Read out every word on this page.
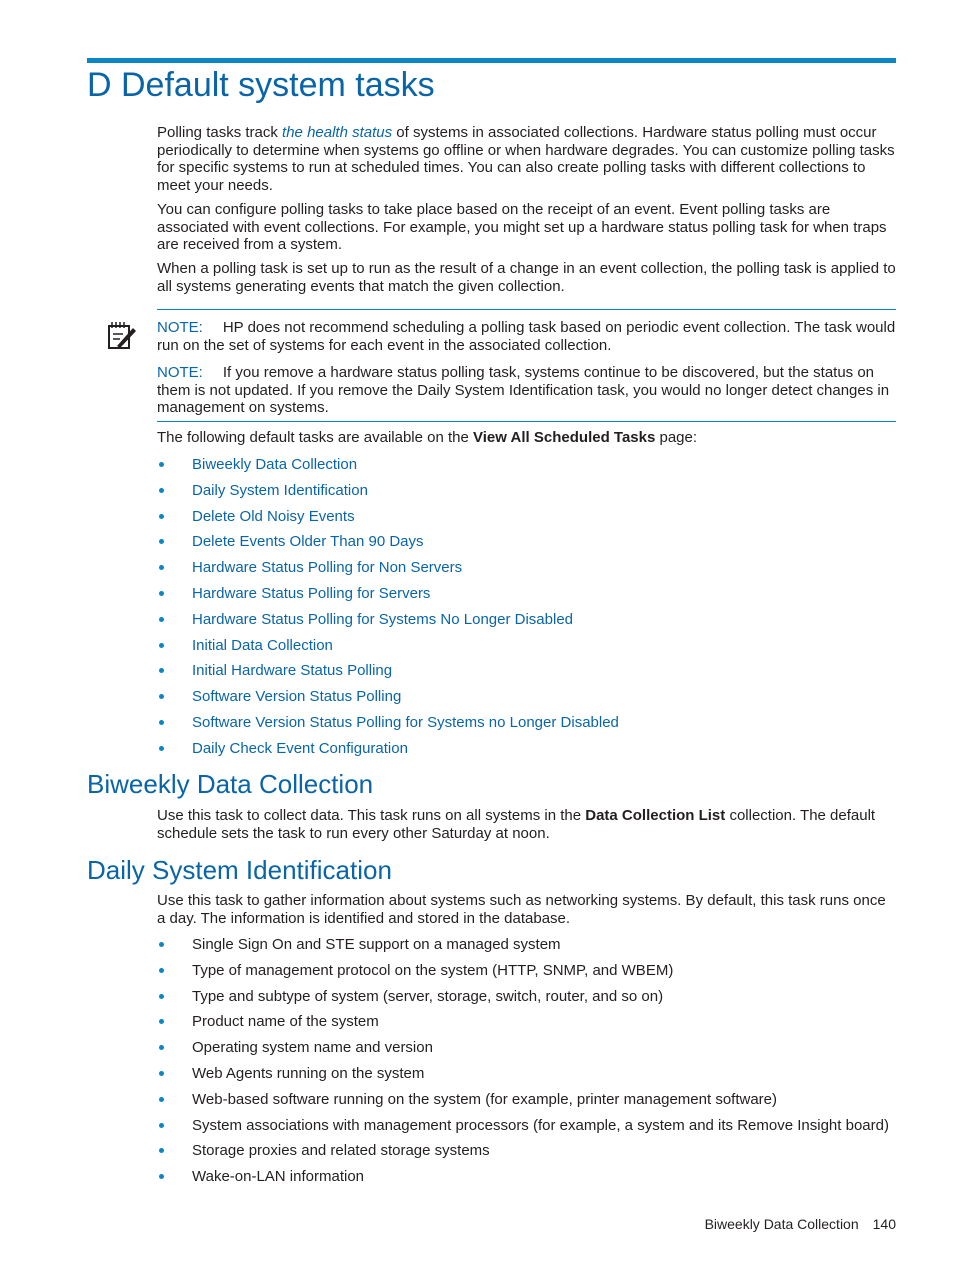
D Default system tasks

Polling tasks track the health status of systems in associated collections. Hardware status polling must occur periodically to determine when systems go offline or when hardware degrades. You can customize polling tasks for specific systems to run at scheduled times. You can also create polling tasks with different collections to meet your needs.

You can configure polling tasks to take place based on the receipt of an event. Event polling tasks are associated with event collections. For example, you might set up a hardware status polling task for when traps are received from a system.

When a polling task is set up to run as the result of a change in an event collection, the polling task is applied to all systems generating events that match the given collection.

NOTE: HP does not recommend scheduling a polling task based on periodic event collection. The task would run on the set of systems for each event in the associated collection.

NOTE: If you remove a hardware status polling task, systems continue to be discovered, but the status on them is not updated. If you remove the Daily System Identification task, you would no longer detect changes in management on systems.

The following default tasks are available on the View All Scheduled Tasks page:

Biweekly Data Collection
Daily System Identification
Delete Old Noisy Events
Delete Events Older Than 90 Days
Hardware Status Polling for Non Servers
Hardware Status Polling for Servers
Hardware Status Polling for Systems No Longer Disabled
Initial Data Collection
Initial Hardware Status Polling
Software Version Status Polling
Software Version Status Polling for Systems no Longer Disabled
Daily Check Event Configuration
Biweekly Data Collection

Use this task to collect data. This task runs on all systems in the Data Collection List collection. The default schedule sets the task to run every other Saturday at noon.

Daily System Identification

Use this task to gather information about systems such as networking systems. By default, this task runs once a day. The information is identified and stored in the database.

Single Sign On and STE support on a managed system
Type of management protocol on the system (HTTP, SNMP, and WBEM)
Type and subtype of system (server, storage, switch, router, and so on)
Product name of the system
Operating system name and version
Web Agents running on the system
Web-based software running on the system (for example, printer management software)
System associations with management processors (for example, a system and its Remove Insight board)
Storage proxies and related storage systems
Wake-on-LAN information
Biweekly Data Collection 140
